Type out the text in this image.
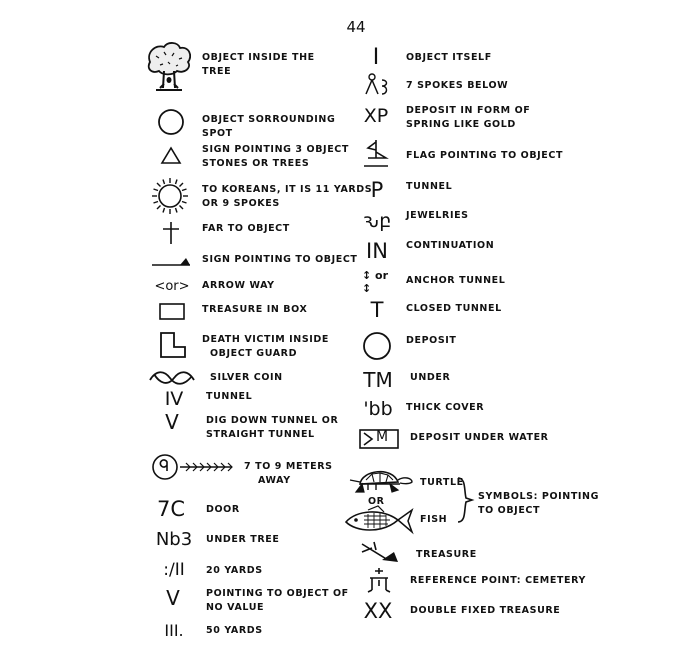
44
OBJECT INSIDE THE
TREE
OBJECT SORROUNDING
SPOT
SIGN POINTING 3 OBJECT
STONES OR TREES
TO KOREANS, IT IS 11 YARDS
OR 9 SPOKES
FAR TO OBJECT
SIGN POINTING TO OBJECT
<or>	ARROW WAY
TREASURE IN BOX
DEATH VICTIM INSIDE
OBJECT GUARD
SILVER COIN
IV	TUNNEL
V	DIG DOWN TUNNEL OR
STRAIGHT TUNNEL
7 TO 9 METERS
AWAY
7C	DOOR
Nb3 UNDER TREE
:∕II	20 YARDS
V	POINTING TO OBJECT OF
NO VALUE
III.	50 YARDS
I	OBJECT ITSELF
7 SPOKES BELOW
XP	DEPOSIT IN FORM OF
SPRING LIKE GOLD
FLAG POINTING TO OBJECT
P	TUNNEL
ԅբ JEWELRIES
IN	CONTINUATION
↕ or ↕
ANCHOR TUNNEL
T	CLOSED TUNNEL
DEPOSIT
TM	UNDER
'bb	THICK COVER
M DEPOSIT UNDER WATER
TURTLE
OR
FISH
SYMBOLS: POINTING
TO OBJECT
TREASURE
REFERENCE POINT: CEMETERY
XX	DOUBLE FIXED TREASURE
